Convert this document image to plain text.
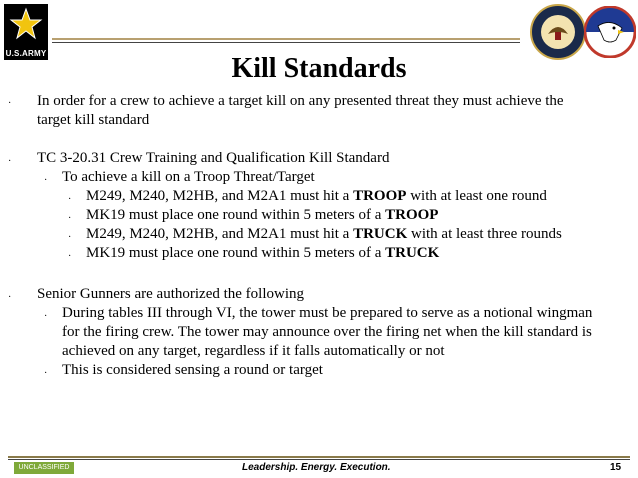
U.S.ARMY	Kill Standards
· In order for a crew to achieve a target kill on any presented threat they must achieve the
target kill standard
· TC 3-20.31 Crew Training and Qualification Kill Standard
· To achieve a kill on a Troop Threat/Target
· M249, M240, M2HB, and M2A1 must hit a TROOP with at least one round
· MK19 must place one round within 5 meters of a TROOP
· M249, M240, M2HB, and M2A1 must hit a TRUCK with at least three rounds
· MK19 must place one round within 5 meters of a TRUCK
· Senior Gunners are authorized the following
· During tables III through VI, the tower must be prepared to serve as a notional wingman
for the firing crew. The tower may announce over the firing net when the kill standard is
achieved on any target, regardless if it falls automatically or not
· This is considered sensing a round or target
UNCLASSIFIED	Leadership. Energy. Execution.	15
